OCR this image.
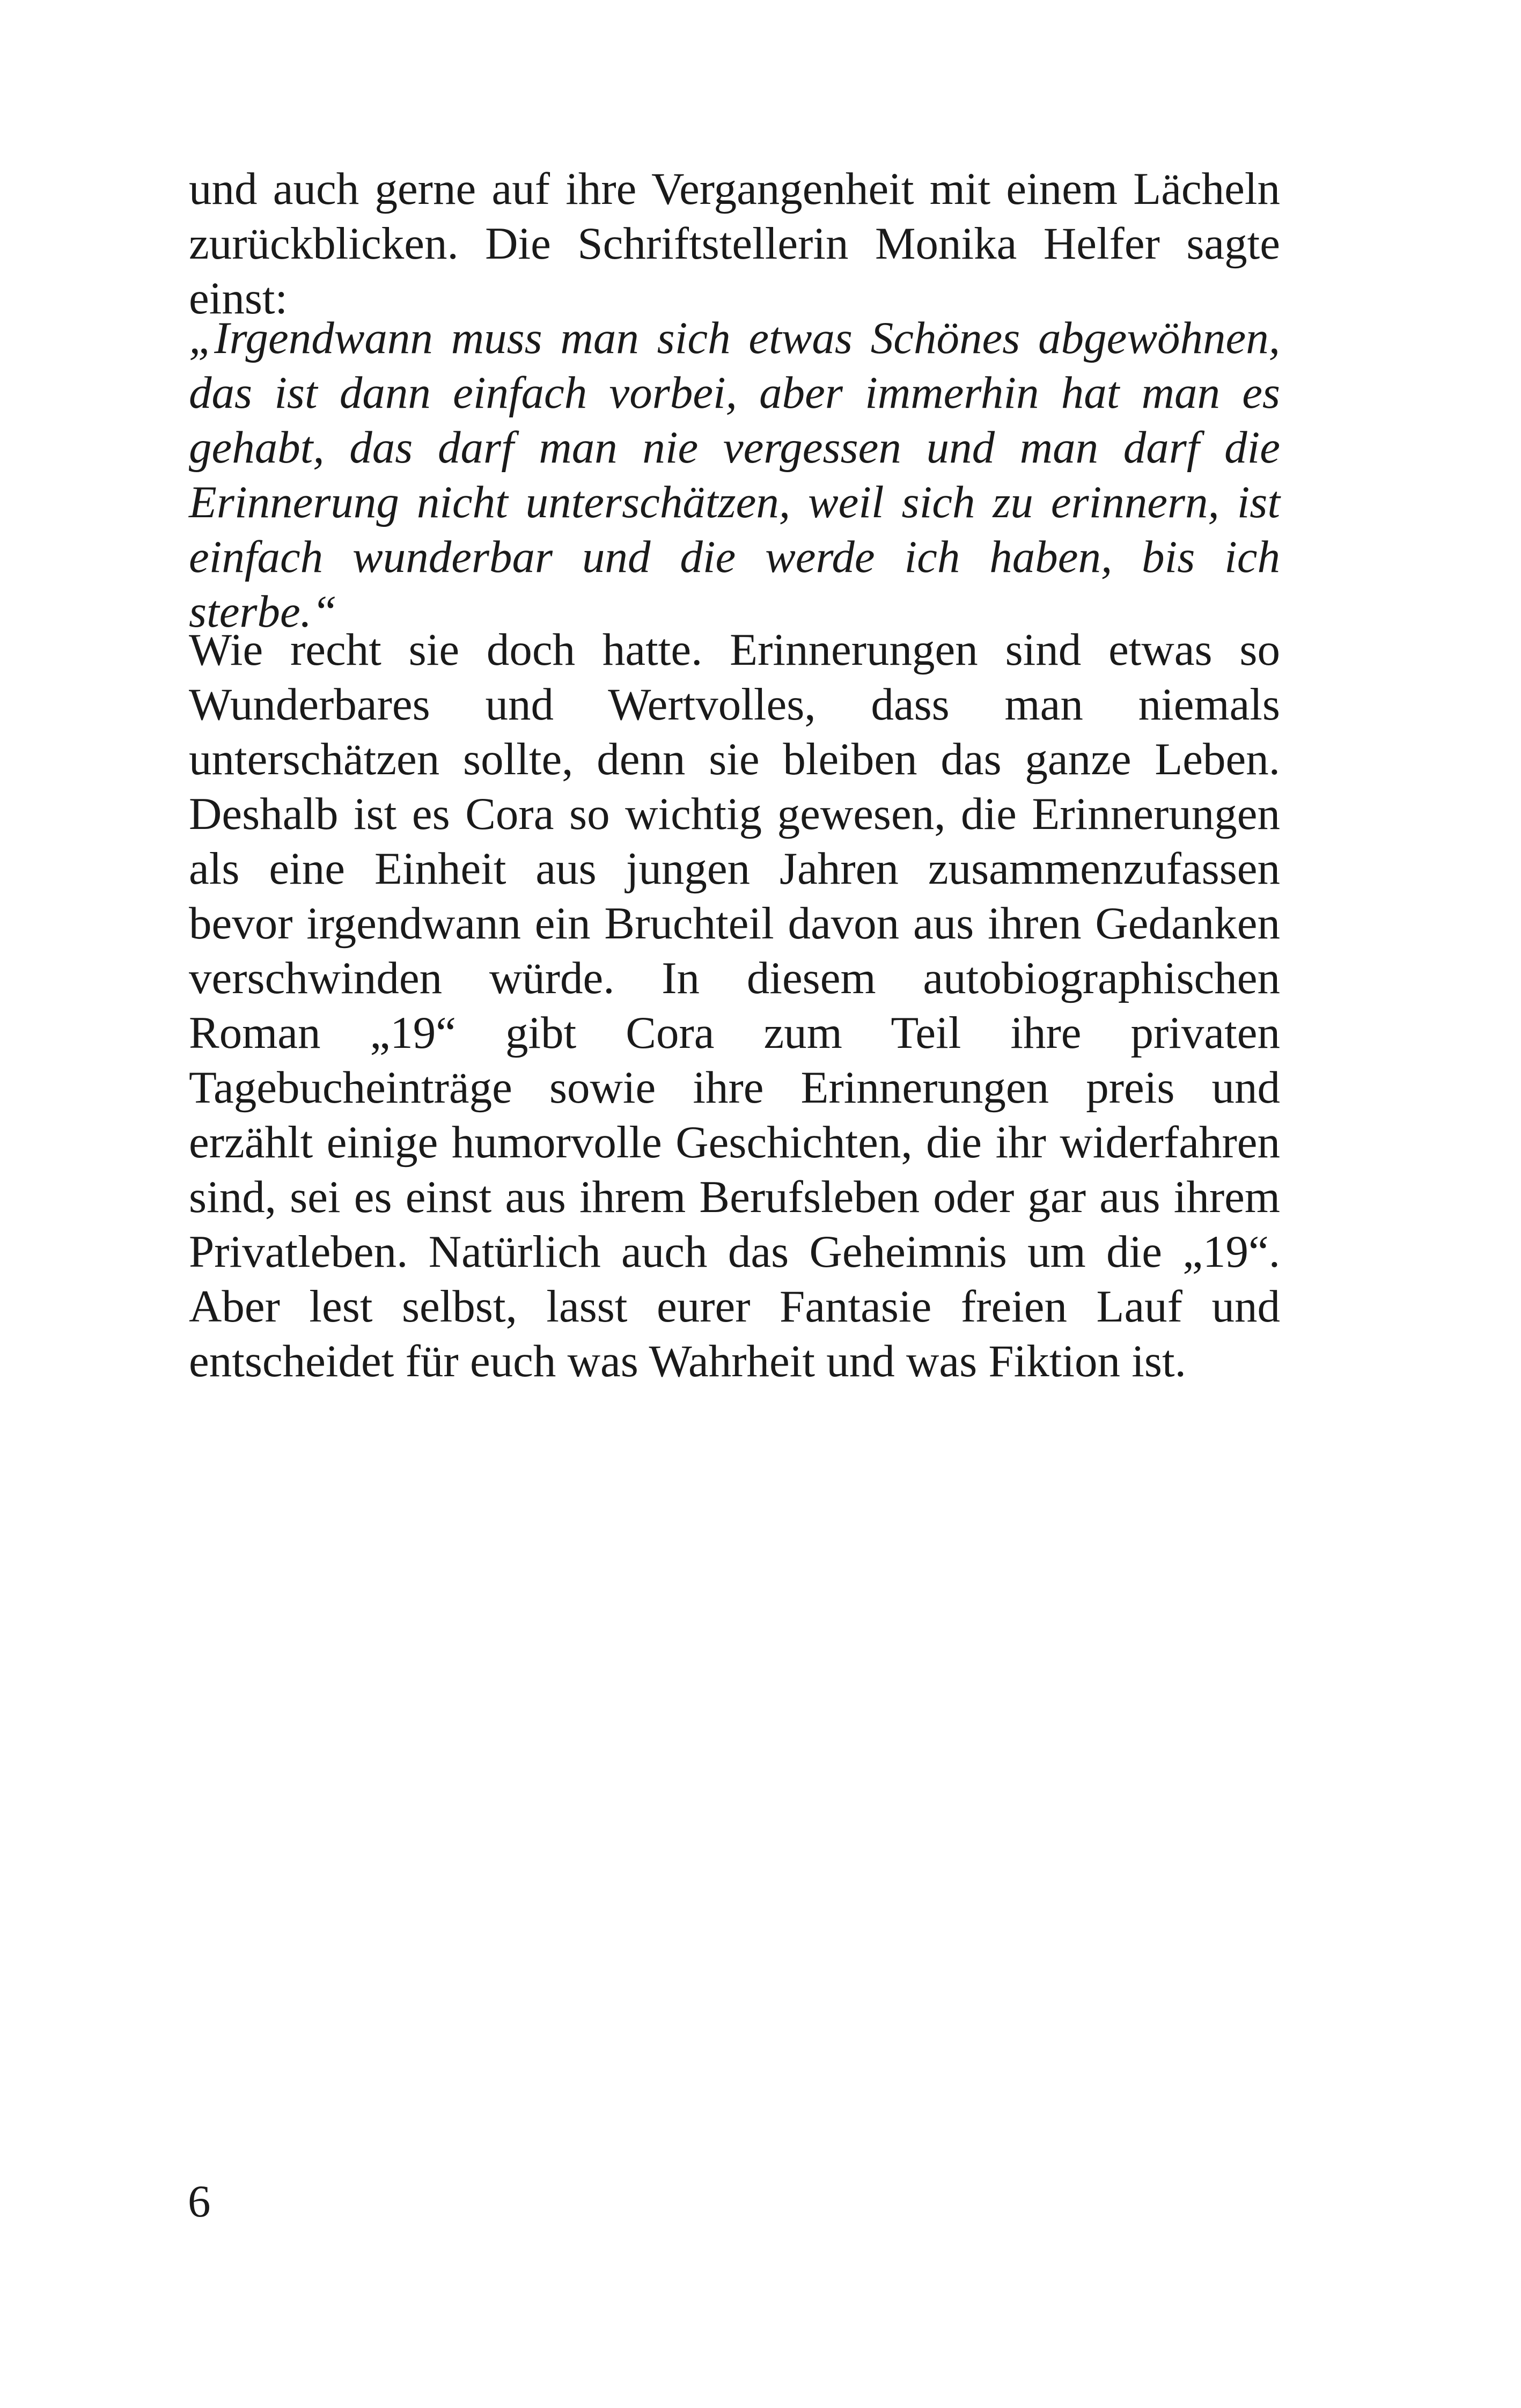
und auch gerne auf ihre Vergangenheit mit einem Lächeln zurückblicken. Die Schriftstellerin Monika Helfer sagte einst:

„Irgendwann muss man sich etwas Schönes abgewöhnen, das ist dann einfach vorbei, aber immerhin hat man es gehabt, das darf man nie vergessen und man darf die Erinnerung nicht unterschätzen, weil sich zu erinnern, ist einfach wunderbar und die werde ich haben, bis ich sterbe.“

Wie recht sie doch hatte. Erinnerungen sind etwas so Wunderbares und Wertvolles, dass man niemals unterschätzen sollte, denn sie bleiben das ganze Leben. Deshalb ist es Cora so wichtig gewesen, die Erinnerungen als eine Einheit aus jungen Jahren zusammenzufassen bevor irgendwann ein Bruchteil davon aus ihren Gedanken verschwinden würde. In diesem autobiographischen Roman „19“ gibt Cora zum Teil ihre privaten Tagebucheinträge sowie ihre Erinnerungen preis und erzählt einige humorvolle Geschichten, die ihr widerfahren sind, sei es einst aus ihrem Berufsleben oder gar aus ihrem Privatleben. Natürlich auch das Geheimnis um die „19“. Aber lest selbst, lasst eurer Fantasie freien Lauf und entscheidet für euch was Wahrheit und was Fiktion ist.

6
